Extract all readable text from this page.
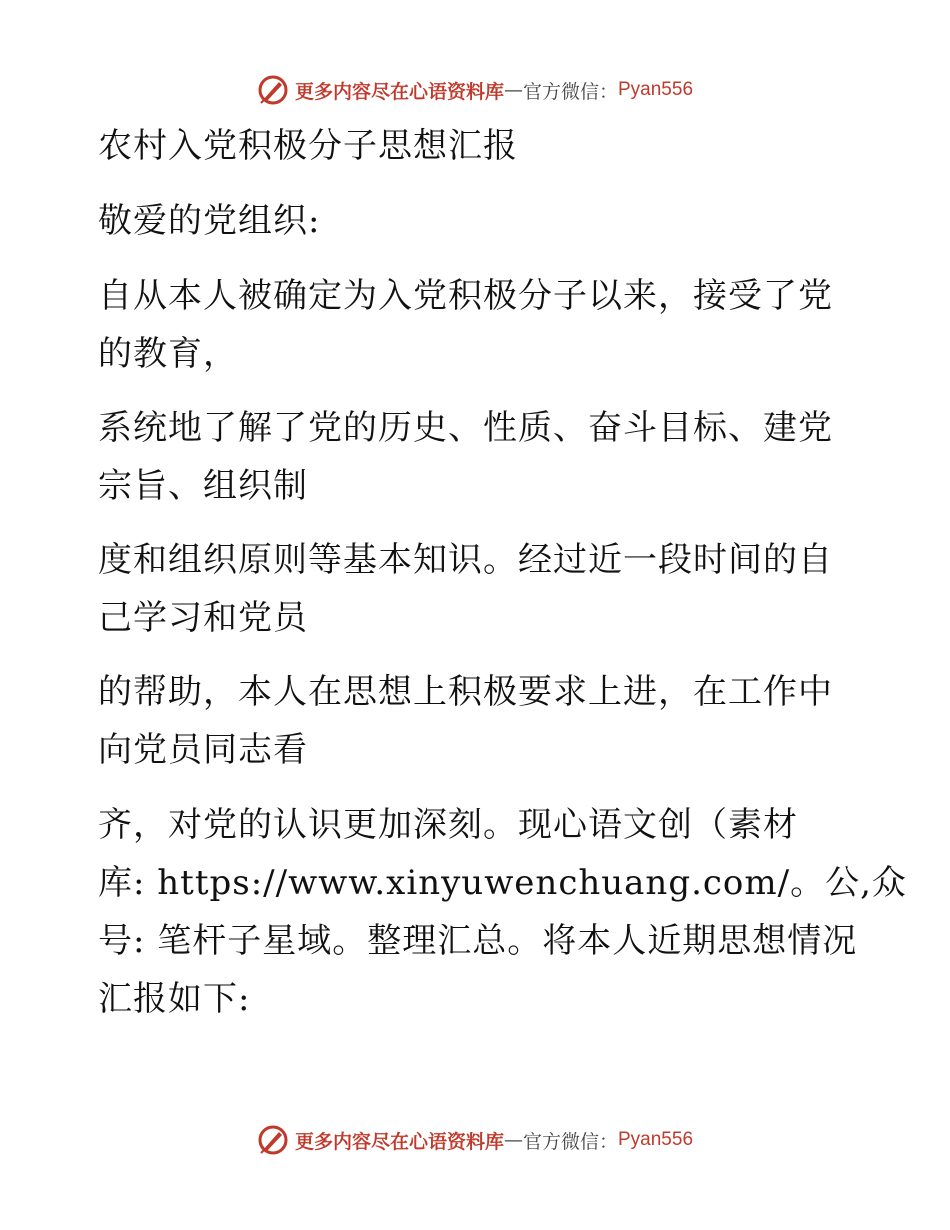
更多内容尽在心语资料库 — 官方微信： Pyan556
农村入党积极分子思想汇报
敬爱的党组织:
自从本人被确定为入党积极分子以来，接受了党
的教育，
系统地了解了党的历史、性质、奋斗目标、建党
宗旨、组织制
度和组织原则等基本知识。经过近一段时间的自
己学习和党员
的帮助，本人在思想上积极要求上进，在工作中
向党员同志看
齐，对党的认识更加深刻。现心语文创（素材
库: https://www.xinyuwenchuang.com/。公,众
号: 笔杆子星域。整理汇总。将本人近期思想情况
汇报如下:
更多内容尽在心语资料库 — 官方微信： Pyan556
